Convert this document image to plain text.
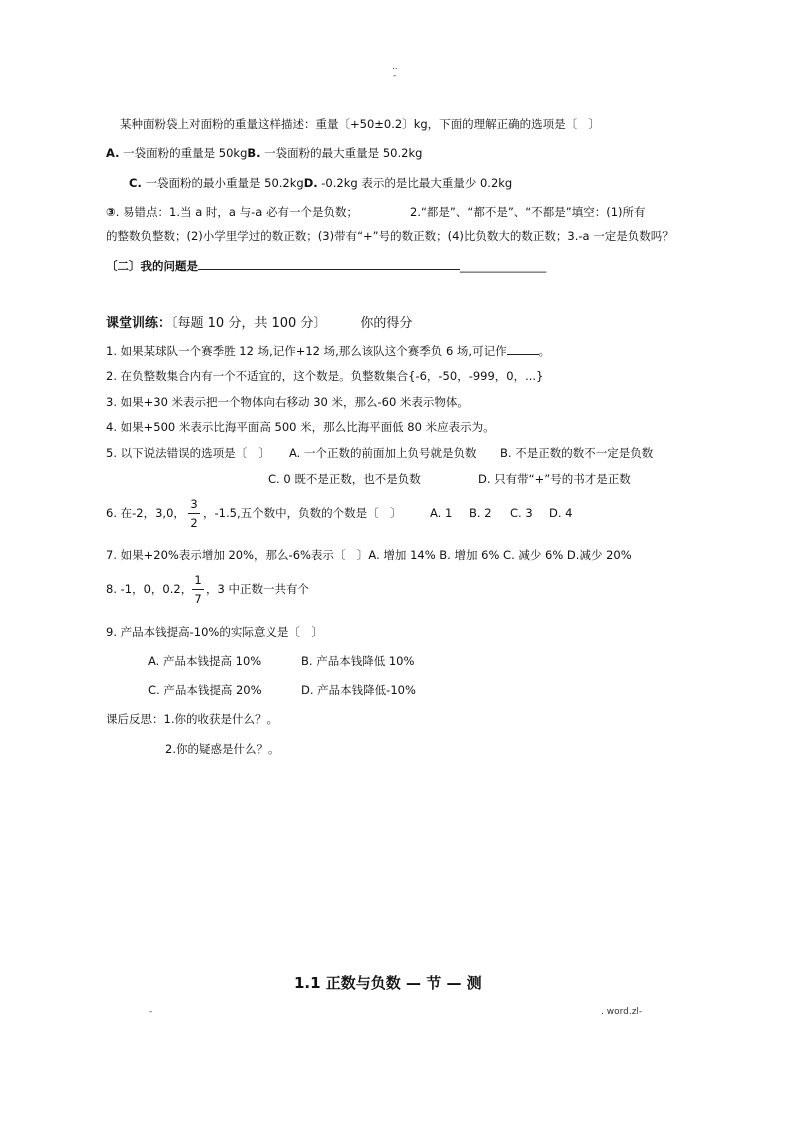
..
-
某种面粉袋上对面粉的重量这样描述：重量〔+50±0.2〕kg，下面的理解正确的选项是〔　〕
A. 一袋面粉的重量是 50kgB. 一袋面粉的最大重量是 50.2kg
C. 一袋面粉的最小重量是 50.2kgD. -0.2kg 表示的是比最大重量少 0.2kg
③. 易错点：1.当 a 时，a 与-a 必有一个是负数；	2.“都是”、“都不是”、“不都是”填空：(1)所有
的整数负整数；(2)小学里学过的数正数；(3)带有“+”号的数正数；(4)比负数大的数正数；3.-a 一定是负数吗？
〔二〕我的问题是	_______________
课堂训练：〔每题 10 分，共 100 分〕	你的得分
1. 如果某球队一个赛季胜 12 场,记作+12 场,那么该队这个赛季负 6 场,可记作	。
2. 在负整数集合内有一个不适宜的，这个数是。负整数集合{-6，-50，-999，0，...}
3. 如果+30 米表示把一个物体向右移动 30 米，那么-60 米表示物体。
4. 如果+500 米表示比海平面高 500 米，那么比海平面低 80 米应表示为。
5. 以下说法错误的选项是〔　〕 A. 一个正数的前面加上负号就是负数 B. 不是正数的数不一定是负数
C. 0 既不是正数，也不是负数	D. 只有带“+”号的书才是正数
6. 在-2，3,0，
3
2
，-1.5,五个数中，负数的个数是〔　〕 A. 1 B. 2 C. 3 D. 4
7. 如果+20%表示增加 20%，那么-6%表示〔　〕A. 增加 14% B. 增加 6% C. 减少 6% D.减少 20%
8. -1，0，0.2，
1
7
，3 中正数一共有个
9. 产品本钱提高-10%的实际意义是〔　〕
A. 产品本钱提高 10%	B. 产品本钱降低 10%
C. 产品本钱提高 20%	D. 产品本钱降低-10%
课后反思：1.你的收获是什么？。
2.你的疑惑是什么？。
1.1 正数与负数 — 节 — 测
-	. word.zl-
